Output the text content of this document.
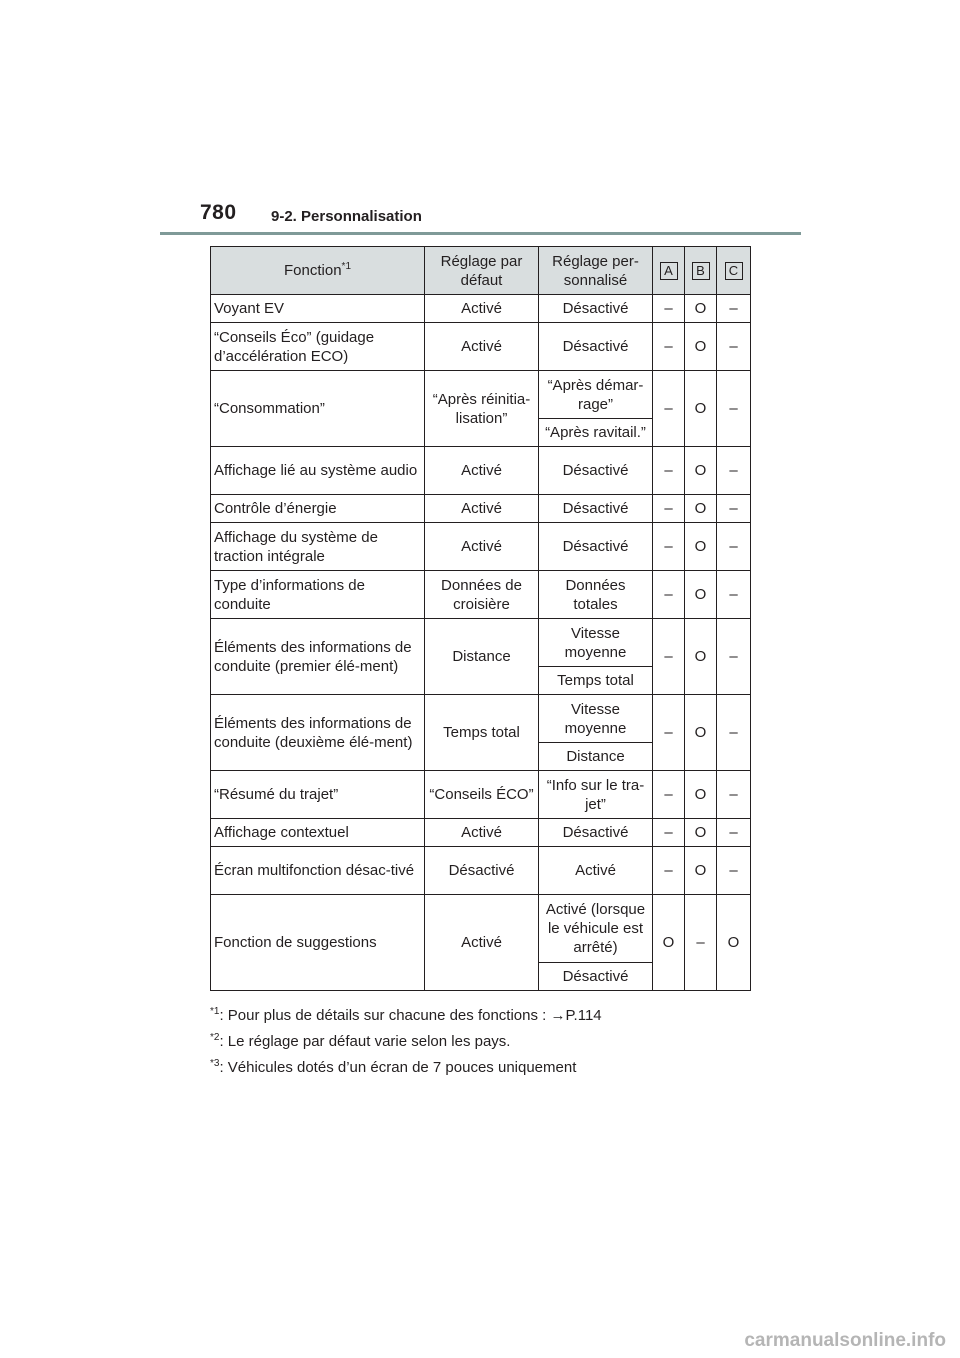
780 9-2. Personnalisation
Fonction$^{*1}$	Réglage par défaut	Réglage per-sonnalisé	A	B	C
Voyant EV	Activé	Désactivé	–	O	–
“Conseils Éco” (guidage d’accélération ECO)	Activé	Désactivé	–	O	–
“Consommation”	“Après réinitia-lisation”	“Après démar-rage”	–	O	–
		“Après ravitail.”			
Affichage lié au système audio	Activé	Désactivé	–	O	–
Contrôle d’énergie	Activé	Désactivé	–	O	–
Affichage du système de traction intégrale	Activé	Désactivé	–	O	–
Type d’informations de conduite	Données de croisière	Données totales	–	O	–
Éléments des informations de conduite (premier élé-ment)	Distance	Vitesse moyenne	–	O	–
		Temps total			
Éléments des informations de conduite (deuxième élé-ment)	Temps total	Vitesse moyenne	–	O	–
		Distance			
“Résumé du trajet”	“Conseils ÉCO”	“Info sur le tra-jet”	–	O	–
Affichage contextuel	Activé	Désactivé	–	O	–
Écran multifonction désac-tivé	Désactivé	Activé	–	O	–
Fonction de suggestions	Activé	Activé (lorsque le véhicule est arrêté)	O	–	O
		Désactivé			
$^{*1}$: Pour plus de détails sur chacune des fonctions : →P.114
$^{*2}$: Le réglage par défaut varie selon les pays.
$^{*3}$: Véhicules dotés d’un écran de 7 pouces uniquement
carmanualsonline.info
